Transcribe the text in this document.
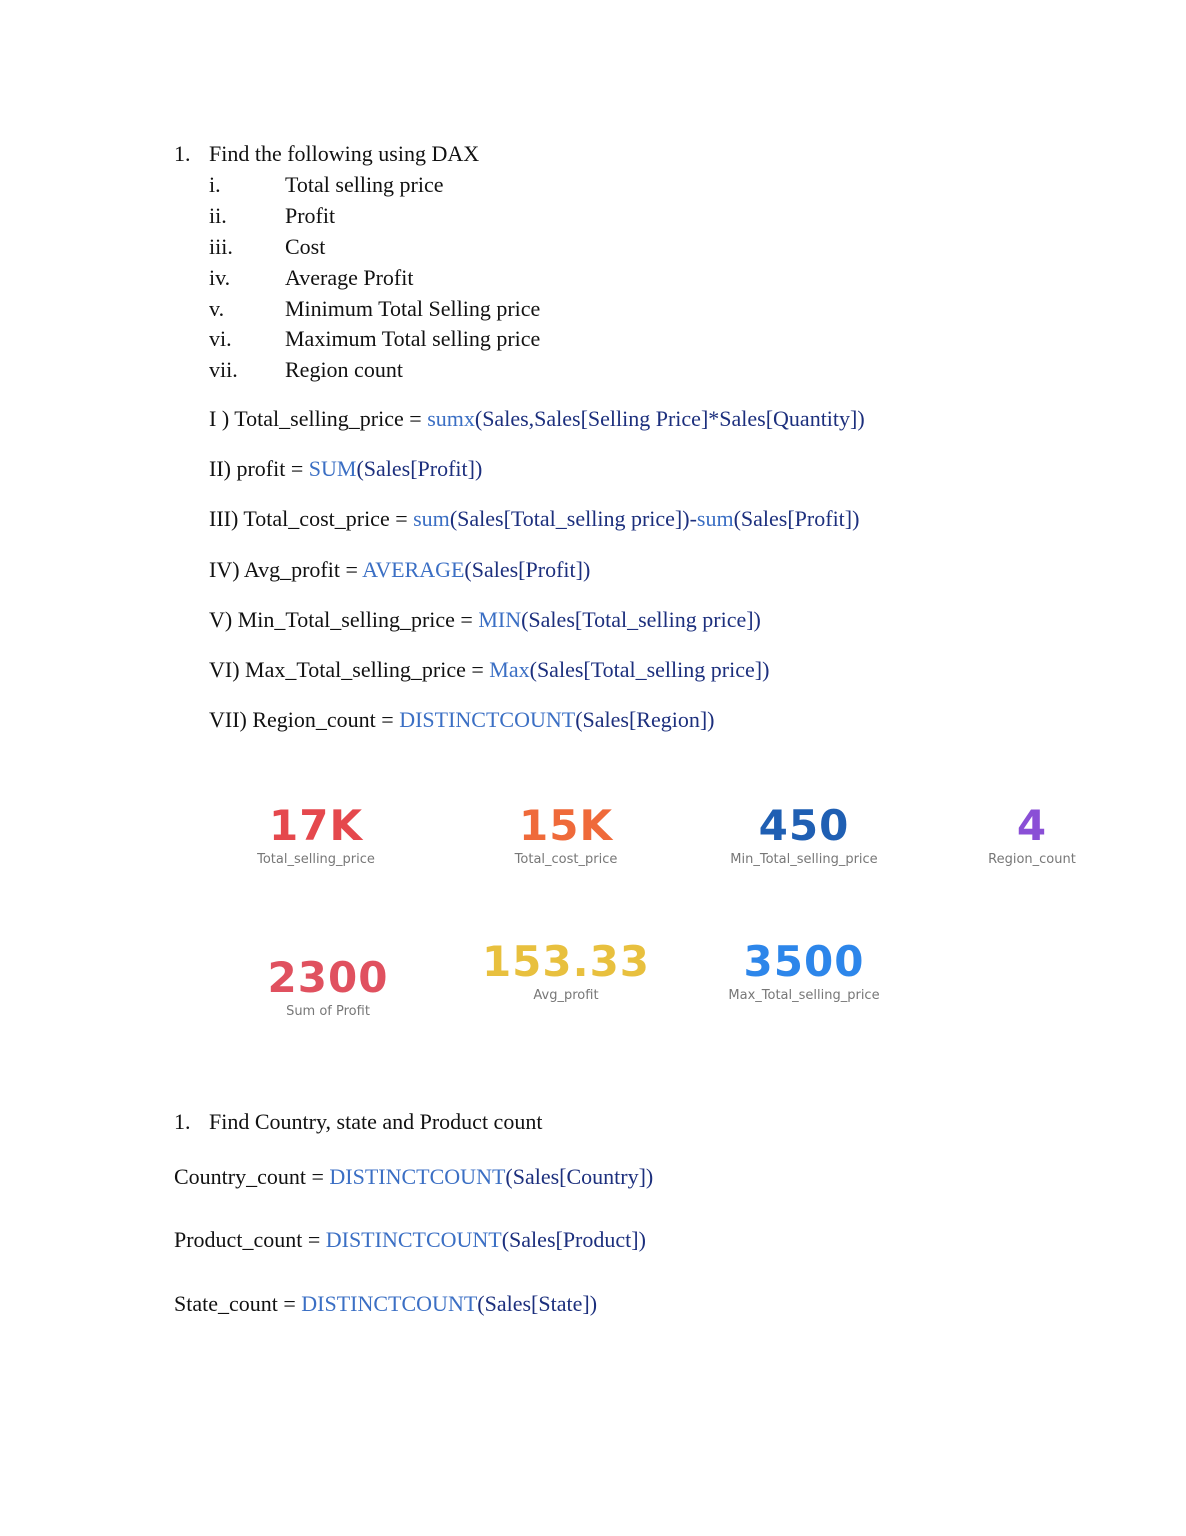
1. Find the following using DAX
i.	Total selling price
ii.	Profit
iii. Cost
iv. Average Profit
v.	Minimum Total Selling price
vi. Maximum Total selling price
vii. Region count
I ) Total_selling_price = sumx(Sales,Sales[Selling Price]*Sales[Quantity])
II) profit = SUM(Sales[Profit])
III) Total_cost_price = sum(Sales[Total_selling price])-sum(Sales[Profit])
IV) Avg_profit = AVERAGE(Sales[Profit])
V) Min_Total_selling_price = MIN(Sales[Total_selling price])
VI) Max_Total_selling_price = Max(Sales[Total_selling price])
VII) Region_count = DISTINCTCOUNT(Sales[Region])
17K
Total_selling_price
15K
Total_cost_price
450
Min_Total_selling_price
4
Region_count
2300
Sum of Profit
153.33
Avg_profit
3500
Max_Total_selling_price
1. Find Country, state and Product count
Country_count = DISTINCTCOUNT(Sales[Country])
Product_count = DISTINCTCOUNT(Sales[Product])
State_count = DISTINCTCOUNT(Sales[State])
